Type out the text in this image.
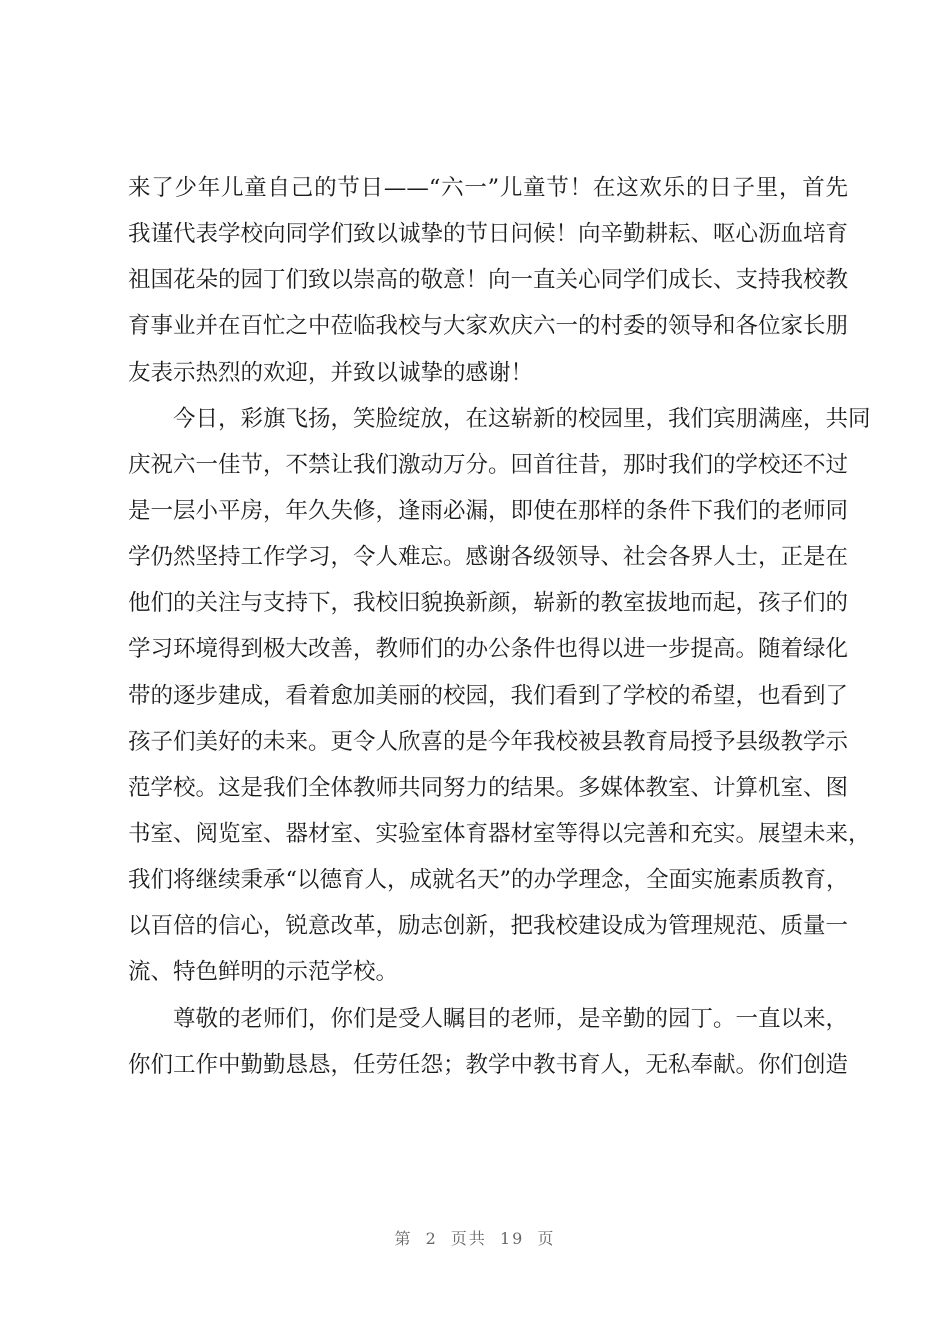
来了少年儿童自己的节日——“六一”儿童节！在这欢乐的日子里，首先
我谨代表学校向同学们致以诚挚的节日问候！向辛勤耕耘、呕心沥血培育
祖国花朵的园丁们致以崇高的敬意！向一直关心同学们成长、支持我校教
育事业并在百忙之中莅临我校与大家欢庆六一的村委的领导和各位家长朋
友表示热烈的欢迎，并致以诚挚的感谢！
今日，彩旗飞扬，笑脸绽放，在这崭新的校园里，我们宾朋满座，共同
庆祝六一佳节，不禁让我们激动万分。回首往昔，那时我们的学校还不过
是一层小平房，年久失修，逢雨必漏，即使在那样的条件下我们的老师同
学仍然坚持工作学习，令人难忘。感谢各级领导、社会各界人士，正是在
他们的关注与支持下，我校旧貌换新颜，崭新的教室拔地而起，孩子们的
学习环境得到极大改善，教师们的办公条件也得以进一步提高。随着绿化
带的逐步建成，看着愈加美丽的校园，我们看到了学校的希望，也看到了
孩子们美好的未来。更令人欣喜的是今年我校被县教育局授予县级教学示
范学校。这是我们全体教师共同努力的结果。多媒体教室、计算机室、图
书室、阅览室、器材室、实验室体育器材室等得以完善和充实。展望未来，
我们将继续秉承“以德育人，成就名天”的办学理念，全面实施素质教育，
以百倍的信心，锐意改革，励志创新，把我校建设成为管理规范、质量一
流、特色鲜明的示范学校。
尊敬的老师们，你们是受人瞩目的老师，是辛勤的园丁。一直以来，
你们工作中勤勤恳恳，任劳任怨；教学中教书育人，无私奉献。你们创造
第 2 页共 19 页
